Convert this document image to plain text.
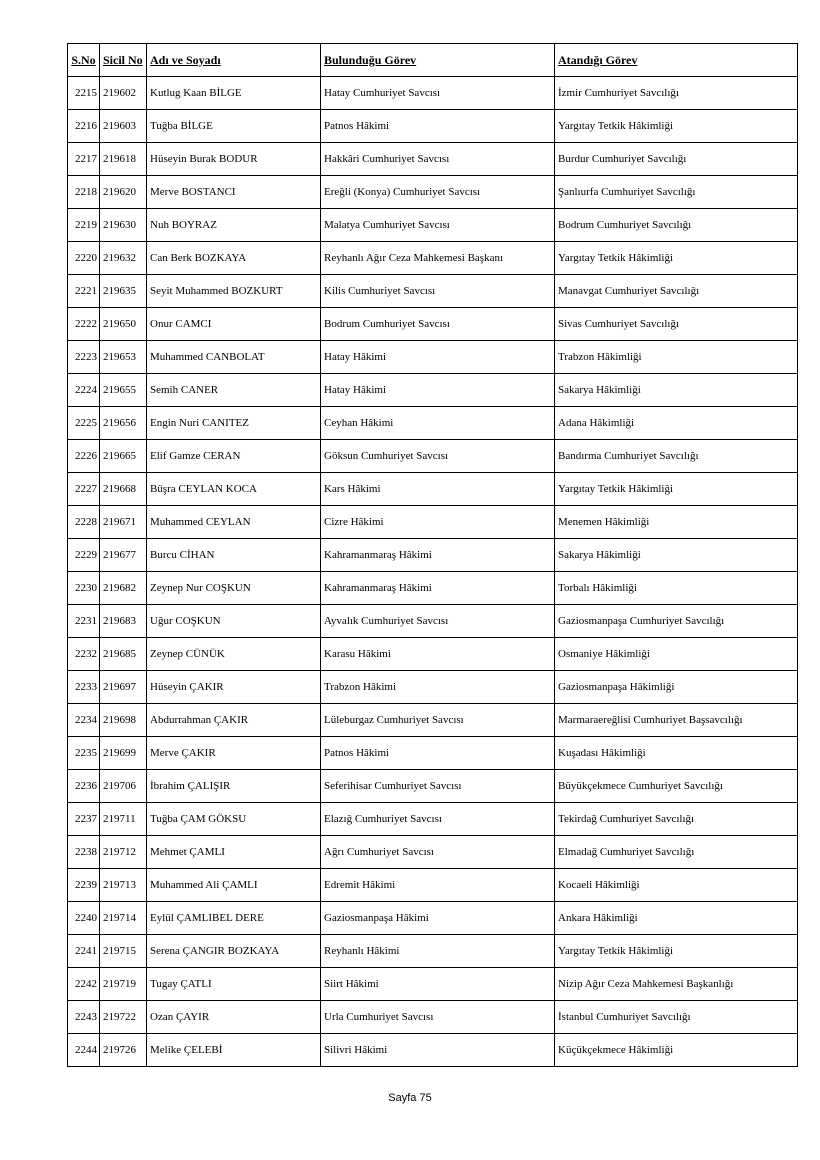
S.No	Sicil No	Adı ve Soyadı	Bulunduğu Görev	Atandığı Görev
2215	219602	Kutlug Kaan BİLGE	Hatay Cumhuriyet Savcısı	İzmir Cumhuriyet Savcılığı
2216	219603	Tuğba BİLGE	Patnos Hâkimi	Yargıtay Tetkik Hâkimliği
2217	219618	Hüseyin Burak BODUR	Hakkâri Cumhuriyet Savcısı	Burdur Cumhuriyet Savcılığı
2218	219620	Merve BOSTANCI	Ereğli (Konya) Cumhuriyet Savcısı	Şanlıurfa Cumhuriyet Savcılığı
2219	219630	Nuh BOYRAZ	Malatya Cumhuriyet Savcısı	Bodrum Cumhuriyet Savcılığı
2220	219632	Can Berk BOZKAYA	Reyhanlı Ağır Ceza Mahkemesi Başkanı	Yargıtay Tetkik Hâkimliği
2221	219635	Seyit Muhammed BOZKURT	Kilis Cumhuriyet Savcısı	Manavgat Cumhuriyet Savcılığı
2222	219650	Onur CAMCI	Bodrum Cumhuriyet Savcısı	Sivas Cumhuriyet Savcılığı
2223	219653	Muhammed CANBOLAT	Hatay Hâkimi	Trabzon Hâkimliği
2224	219655	Semih CANER	Hatay Hâkimi	Sakarya Hâkimliği
2225	219656	Engin Nuri CANITEZ	Ceyhan Hâkimi	Adana Hâkimliği
2226	219665	Elif Gamze CERAN	Göksun Cumhuriyet Savcısı	Bandırma Cumhuriyet Savcılığı
2227	219668	Büşra CEYLAN KOCA	Kars Hâkimi	Yargıtay Tetkik Hâkimliği
2228	219671	Muhammed CEYLAN	Cizre Hâkimi	Menemen Hâkimliği
2229	219677	Burcu CİHAN	Kahramanmaraş Hâkimi	Sakarya Hâkimliği
2230	219682	Zeynep Nur COŞKUN	Kahramanmaraş Hâkimi	Torbalı Hâkimliği
2231	219683	Uğur COŞKUN	Ayvalık Cumhuriyet Savcısı	Gaziosmanpaşa Cumhuriyet Savcılığı
2232	219685	Zeynep CÜNÜK	Karasu Hâkimi	Osmaniye Hâkimliği
2233	219697	Hüseyin ÇAKIR	Trabzon Hâkimi	Gaziosmanpaşa Hâkimliği
2234	219698	Abdurrahman ÇAKIR	Lüleburgaz Cumhuriyet Savcısı	Marmaraereğlisi Cumhuriyet Başsavcılığı
2235	219699	Merve ÇAKIR	Patnos Hâkimi	Kuşadası Hâkimliği
2236	219706	İbrahim ÇALIŞIR	Seferihisar Cumhuriyet Savcısı	Büyükçekmece Cumhuriyet Savcılığı
2237	219711	Tuğba ÇAM GÖKSU	Elazığ Cumhuriyet Savcısı	Tekirdağ Cumhuriyet Savcılığı
2238	219712	Mehmet ÇAMLI	Ağrı Cumhuriyet Savcısı	Elmadağ Cumhuriyet Savcılığı
2239	219713	Muhammed Ali ÇAMLI	Edremit Hâkimi	Kocaeli Hâkimliği
2240	219714	Eylül ÇAMLIBEL DERE	Gaziosmanpaşa Hâkimi	Ankara Hâkimliği
2241	219715	Serena ÇANGIR BOZKAYA	Reyhanlı Hâkimi	Yargıtay Tetkik Hâkimliği
2242	219719	Tugay ÇATLI	Siirt Hâkimi	Nizip Ağır Ceza Mahkemesi Başkanlığı
2243	219722	Ozan ÇAYIR	Urla Cumhuriyet Savcısı	İstanbul Cumhuriyet Savcılığı
2244	219726	Melike ÇELEBİ	Silivri Hâkimi	Küçükçekmece Hâkimliği
Sayfa 75
